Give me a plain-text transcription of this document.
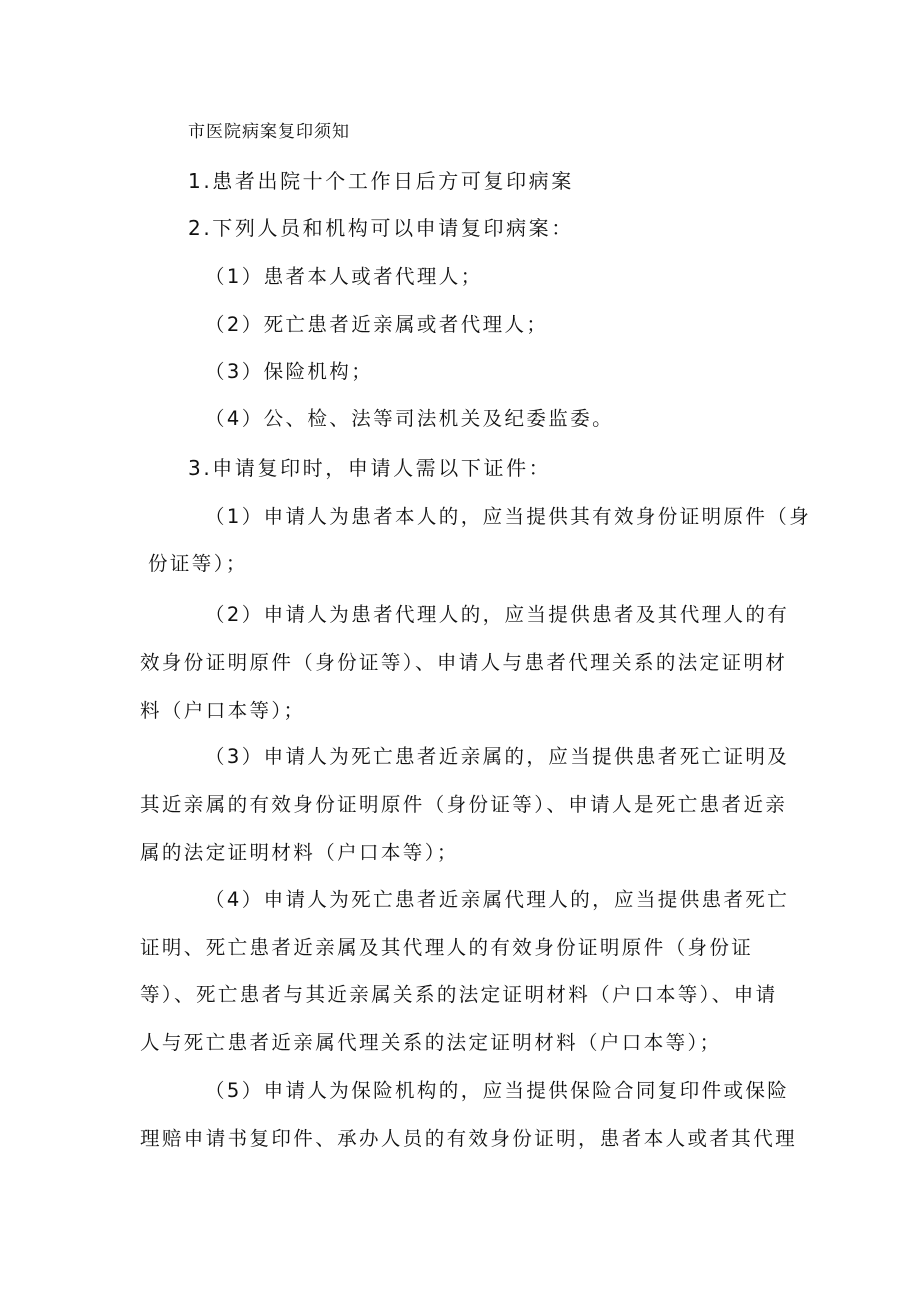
市医院病案复印须知
1.患者出院十个工作日后方可复印病案
2.下列人员和机构可以申请复印病案：
（1）患者本人或者代理人；
（2）死亡患者近亲属或者代理人；
（3）保险机构；
（4）公、检、法等司法机关及纪委监委。
3.申请复印时，申请人需以下证件：
（1）申请人为患者本人的，应当提供其有效身份证明原件（身
份证等）；
（2）申请人为患者代理人的，应当提供患者及其代理人的有
效身份证明原件（身份证等）、申请人与患者代理关系的法定证明材
料（户口本等）；
（3）申请人为死亡患者近亲属的，应当提供患者死亡证明及
其近亲属的有效身份证明原件（身份证等）、申请人是死亡患者近亲
属的法定证明材料（户口本等）；
（4）申请人为死亡患者近亲属代理人的，应当提供患者死亡
证明、死亡患者近亲属及其代理人的有效身份证明原件（身份证
等）、死亡患者与其近亲属关系的法定证明材料（户口本等）、申请
人与死亡患者近亲属代理关系的法定证明材料（户口本等）；
（5）申请人为保险机构的，应当提供保险合同复印件或保险
理赔申请书复印件、承办人员的有效身份证明，患者本人或者其代理
